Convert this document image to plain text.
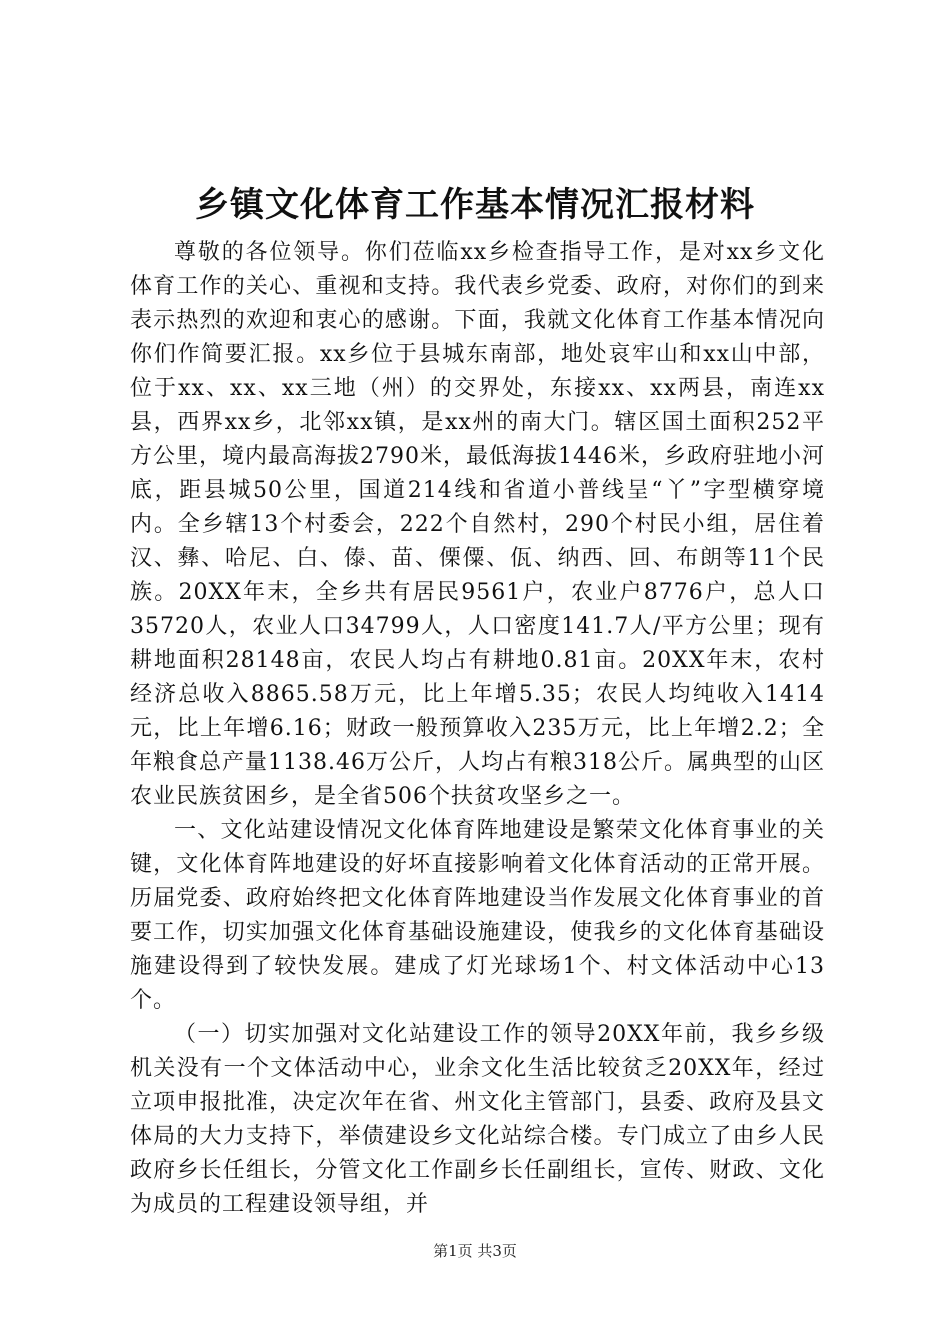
乡镇文化体育工作基本情况汇报材料

尊敬的各位领导。你们莅临xx乡检查指导工作，是对xx乡文化体育工作的关心、重视和支持。我代表乡党委、政府，对你们的到来表示热烈的欢迎和衷心的感谢。下面，我就文化体育工作基本情况向你们作简要汇报。xx乡位于县城东南部，地处哀牢山和xx山中部，位于xx、xx、xx三地（州）的交界处，东接xx、xx两县，南连xx县，西界xx乡，北邻xx镇，是xx州的南大门。辖区国土面积252平方公里，境内最高海拔2790米，最低海拔1446米，乡政府驻地小河底，距县城50公里，国道214线和省道小普线呈“丫”字型横穿境内。全乡辖13个村委会，222个自然村，290个村民小组，居住着汉、彝、哈尼、白、傣、苗、傈僳、佤、纳西、回、布朗等11个民族。20XX年末，全乡共有居民9561户，农业户8776户，总人口35720人，农业人口34799人，人口密度141.7人/平方公里；现有耕地面积28148亩，农民人均占有耕地0.81亩。20XX年末，农村经济总收入8865.58万元，比上年增5.35；农民人均纯收入1414元，比上年增6.16；财政一般预算收入235万元，比上年增2.2；全年粮食总产量1138.46万公斤，人均占有粮318公斤。属典型的山区农业民族贫困乡，是全省506个扶贫攻坚乡之一。

一、文化站建设情况文化体育阵地建设是繁荣文化体育事业的关键，文化体育阵地建设的好坏直接影响着文化体育活动的正常开展。历届党委、政府始终把文化体育阵地建设当作发展文化体育事业的首要工作，切实加强文化体育基础设施建设，使我乡的文化体育基础设施建设得到了较快发展。建成了灯光球场1个、村文体活动中心13个。

（一）切实加强对文化站建设工作的领导20XX年前，我乡乡级机关没有一个文体活动中心，业余文化生活比较贫乏20XX年，经过立项申报批准，决定次年在省、州文化主管部门，县委、政府及县文体局的大力支持下，举债建设乡文化站综合楼。专门成立了由乡人民政府乡长任组长，分管文化工作副乡长任副组长，宣传、财政、文化为成员的工程建设领导组，并

第1页 共3页
